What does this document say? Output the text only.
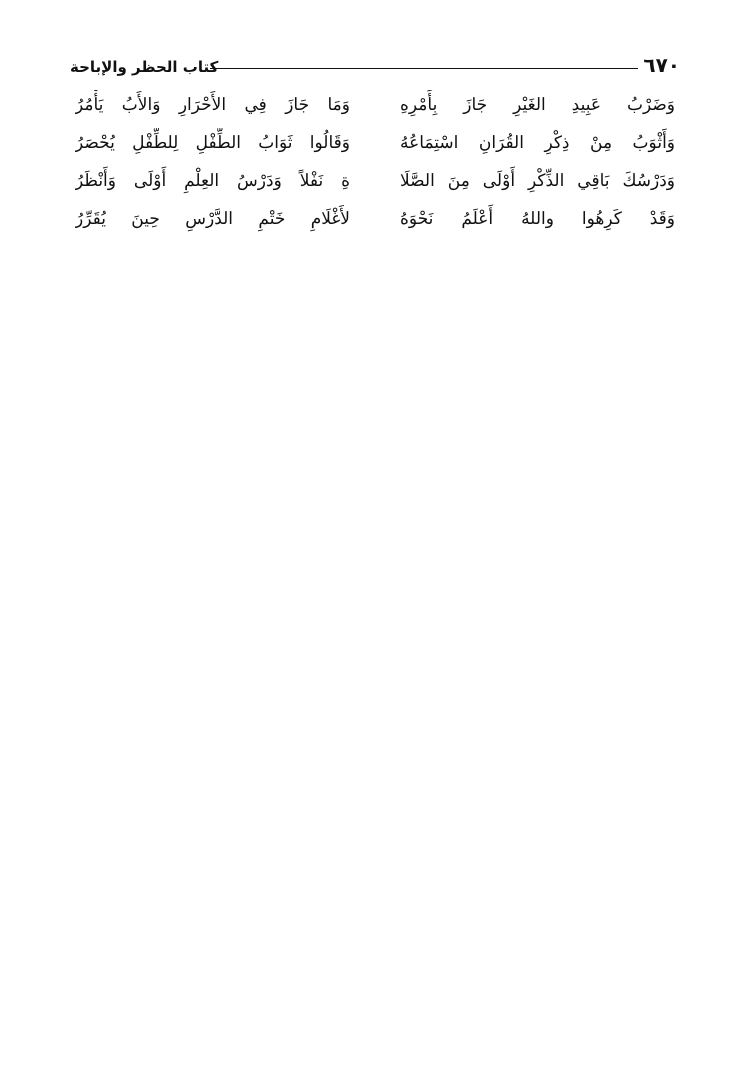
٦٧٠
كتاب الحظر والإباحة
وَضَرْبُ عَبِيدِ الغَيْرِ جَازَ بِأَمْرِهِ
وَمَا جَازَ فِي الأَحْرَارِ وَالأَبُ يَأْمُرُ
وَأَثْوَبُ مِنْ ذِكْرِ القُرَانِ اسْتِمَاعُهُ
وَقَالُوا ثَوَابُ الطِّفْلِ لِلطِّفْلِ يُحْصَرُ
وَدَرْسُكَ بَاقِي الذِّكْرِ أَوْلَى مِنَ الصَّلَا
ةِ نَفْلاً وَدَرْسُ العِلْمِ أَوْلَى وَأَنْظَرُ
وَقَدْ كَرِهُوا واللهُ أَعْلَمُ نَحْوَهُ
لأَغْلَامِ خَتْمِ الدَّرْسِ حِينَ يُقَرِّرُ
